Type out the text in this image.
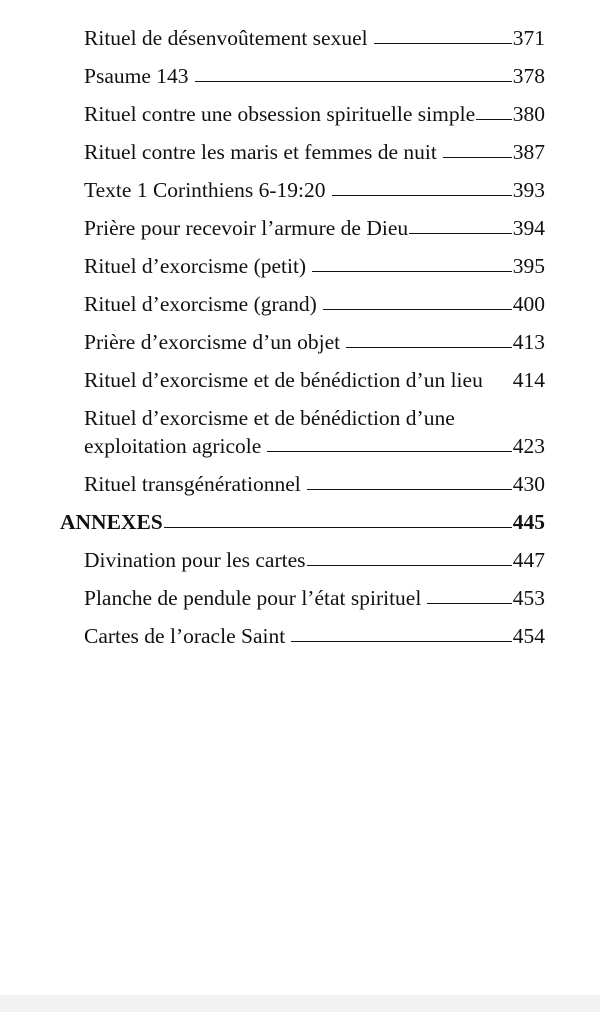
Rituel de désenvoûtement sexuel	371
Psaume 143	378
Rituel contre une obsession spirituelle simple 380
Rituel contre les maris et femmes de nuit	387
Texte 1 Corinthiens 6-19:20	393
Prière pour recevoir l’armure de Dieu	394
Rituel d’exorcisme (petit)	395
Rituel d’exorcisme (grand)	400
Prière d’exorcisme d’un objet	413
Rituel d’exorcisme et de bénédiction d’un lieu 414
Rituel d’exorcisme et de bénédiction d’une
exploitation agricole	423
Rituel transgénérationnel	430
ANNEXES	445
Divination pour les cartes	447
Planche de pendule pour l’état spirituel	453
Cartes de l’oracle Saint	454
